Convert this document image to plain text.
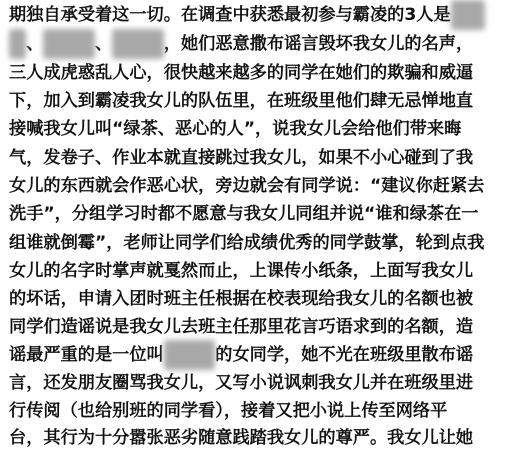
期独自承受着这一切。在调查中获悉最初参与霸凌的3人是
、	、	，她们恶意撒布谣言毁坏我女儿的名声，
三人成虎惑乱人心，很快越来越多的同学在她们的欺骗和威逼
下，加入到霸凌我女儿的队伍里，在班级里他们肆无忌惮地直
接喊我女儿叫“绿茶、恶心的人”，说我女儿会给他们带来晦
气，发卷子、作业本就直接跳过我女儿，如果不小心碰到了我
女儿的东西就会作恶心状，旁边就会有同学说：“建议你赶紧去
洗手”，分组学习时都不愿意与我女儿同组并说“谁和绿茶在一
组谁就倒霉”，老师让同学们给成绩优秀的同学鼓掌，轮到点我
女儿的名字时掌声就戛然而止，上课传小纸条，上面写我女儿
的坏话，申请入团时班主任根据在校表现给我女儿的名额也被
同学们造谣说是我女儿去班主任那里花言巧语求到的名额，造
谣最严重的是一位叫	的女同学，她不光在班级里散布谣
言，还发朋友圈骂我女儿，又写小说讽刺我女儿并在班级里进
行传阅（也给别班的同学看），接着又把小说上传至网络平
台，其行为十分嚣张恶劣随意践踏我女儿的尊严。我女儿让她
